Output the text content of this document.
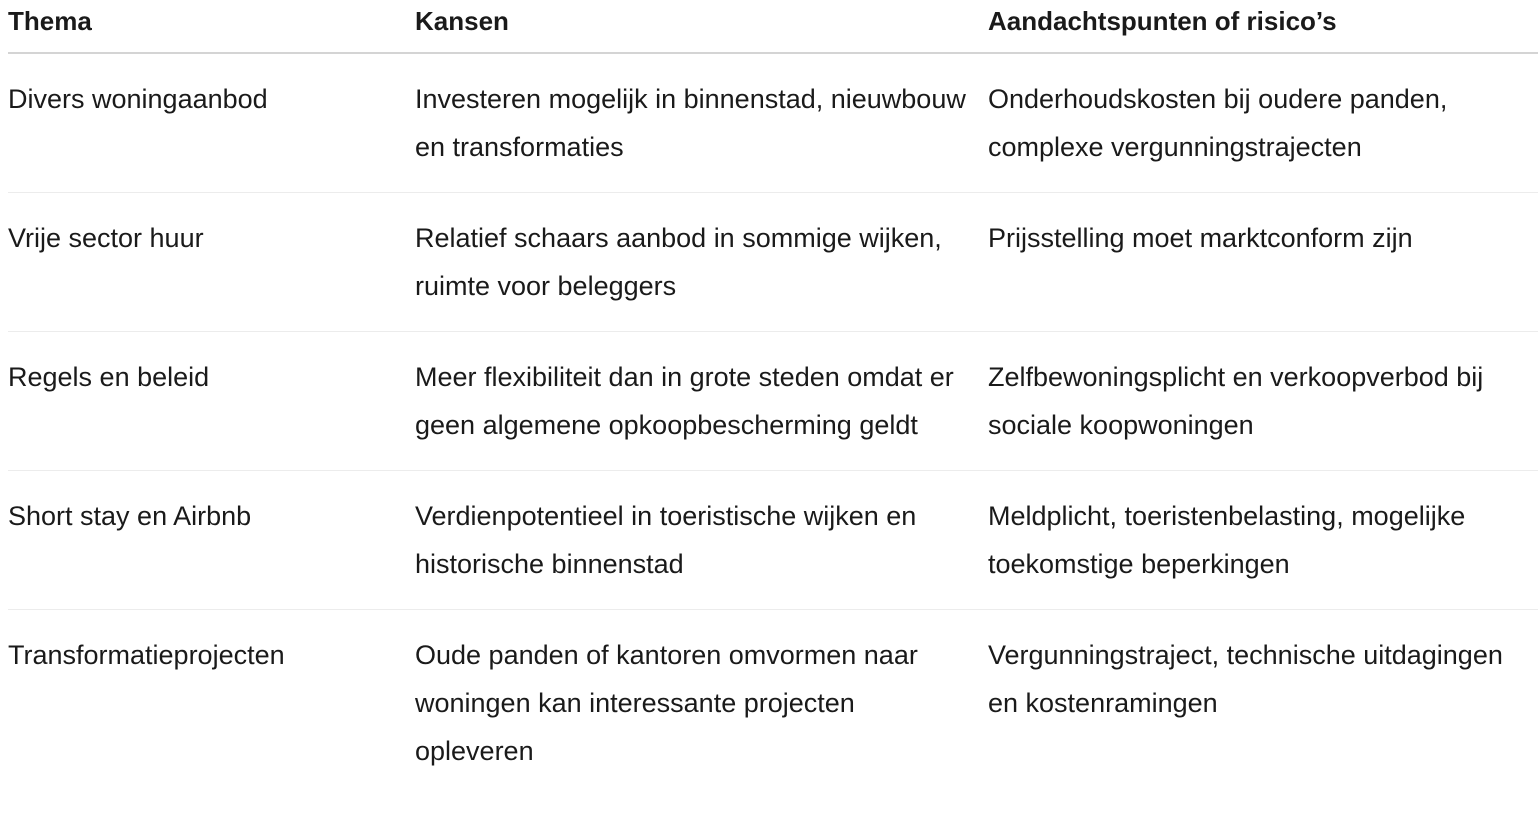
Thema	Kansen	Aandachtspunten of risico’s
Divers woningaanbod	Investeren mogelijk in binnenstad, nieuwbouw en transformaties	Onderhoudskosten bij oudere panden, complexe vergunningstrajecten
Vrije sector huur	Relatief schaars aanbod in sommige wijken, ruimte voor beleggers	Prijsstelling moet marktconform zijn
Regels en beleid	Meer flexibiliteit dan in grote steden omdat er geen algemene opkoopbescherming geldt	Zelfbewoningsplicht en verkoopverbod bij sociale koopwoningen
Short stay en Airbnb	Verdienpotentieel in toeristische wijken en historische binnenstad	Meldplicht, toeristenbelasting, mogelijke toekomstige beperkingen
Transformatieprojecten	Oude panden of kantoren omvormen naar woningen kan interessante projecten opleveren	Vergunningstraject, technische uitdagingen en kostenramingen
